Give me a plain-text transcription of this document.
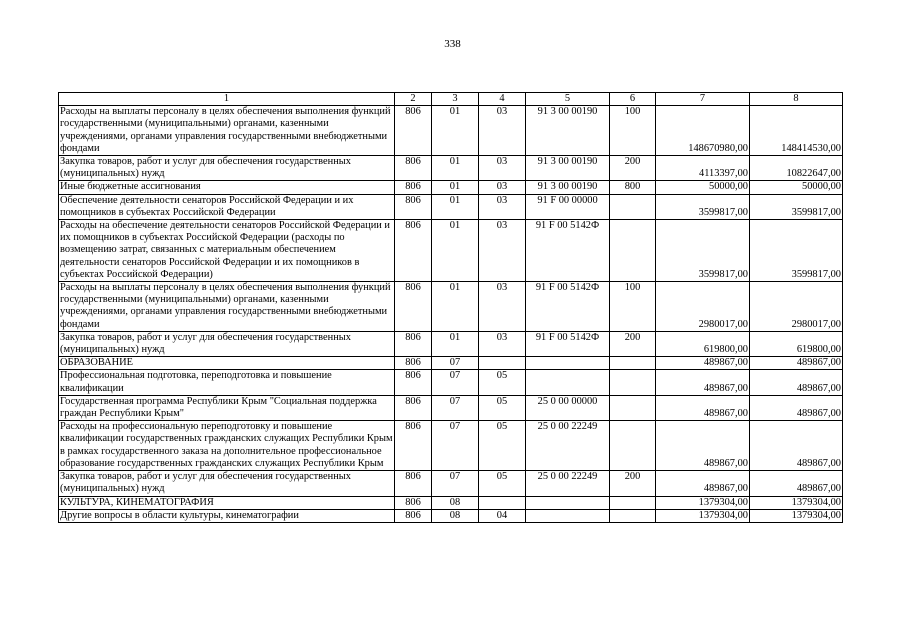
338
1	2	3	4	5	6	7	8
Расходы на выплаты персоналу в целях обеспечения выполнения функций государственными (муниципальными) органами, казенными учреждениями, органами управления государственными внебюджетными фондами	806	01	03	91 3 00 00190	100	148670980,00	148414530,00
Закупка товаров, работ и услуг для обеспечения государственных (муниципальных) нужд	806	01	03	91 3 00 00190	200	4113397,00	10822647,00
Иные бюджетные ассигнования	806	01	03	91 3 00 00190	800	50000,00	50000,00
Обеспечение деятельности сенаторов Российской Федерации и их помощников в субъектах Российской Федерации	806	01	03	91 F 00 00000		3599817,00	3599817,00
Расходы на обеспечение деятельности сенаторов Российской Федерации и их помощников в субъектах Российской Федерации (расходы по возмещению затрат, связанных с материальным обеспечением деятельности сенаторов Российской Федерации и их помощников в субъектах Российской Федерации)	806	01	03	91 F 00 5142Ф		3599817,00	3599817,00
Расходы на выплаты персоналу в целях обеспечения выполнения функций государственными (муниципальными) органами, казенными учреждениями, органами управления государственными внебюджетными фондами	806	01	03	91 F 00 5142Ф	100	2980017,00	2980017,00
Закупка товаров, работ и услуг для обеспечения государственных (муниципальных) нужд	806	01	03	91 F 00 5142Ф	200	619800,00	619800,00
ОБРАЗОВАНИЕ	806	07				489867,00	489867,00
Профессиональная подготовка, переподготовка и повышение квалификации	806	07	05			489867,00	489867,00
Государственная программа Республики Крым "Социальная поддержка граждан Республики Крым"	806	07	05	25 0 00 00000		489867,00	489867,00
Расходы на профессиональную переподготовку и повышение квалификации государственных гражданских служащих Республики Крым в рамках государственного заказа на дополнительное профессиональное образование государственных гражданских служащих Республики Крым	806	07	05	25 0 00 22249		489867,00	489867,00
Закупка товаров, работ и услуг для обеспечения государственных (муниципальных) нужд	806	07	05	25 0 00 22249	200	489867,00	489867,00
КУЛЬТУРА, КИНЕМАТОГРАФИЯ	806	08				1379304,00	1379304,00
Другие вопросы в области культуры, кинематографии	806	08	04			1379304,00	1379304,00
